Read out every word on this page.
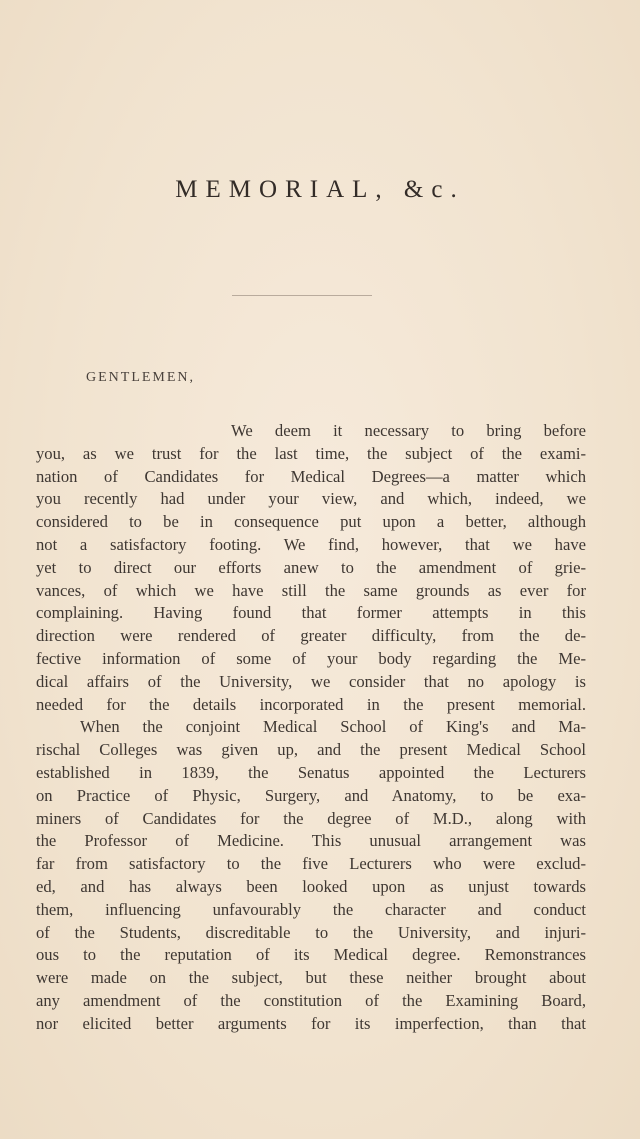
MEMORIAL, &c.
GENTLEMEN,
We deem it necessary to bring before
you, as we trust for the last time, the subject of the exami-
nation of Candidates for Medical Degrees—a matter which
you recently had under your view, and which, indeed, we
considered to be in consequence put upon a better, although
not a satisfactory footing. We find, however, that we have
yet to direct our efforts anew to the amendment of grie-
vances, of which we have still the same grounds as ever for
complaining. Having found that former attempts in this
direction were rendered of greater difficulty, from the de-
fective information of some of your body regarding the Me-
dical affairs of the University, we consider that no apology is
needed for the details incorporated in the present memorial.
When the conjoint Medical School of King's and Ma-
rischal Colleges was given up, and the present Medical School
established in 1839, the Senatus appointed the Lecturers
on Practice of Physic, Surgery, and Anatomy, to be exa-
miners of Candidates for the degree of M.D., along with
the Professor of Medicine. This unusual arrangement was
far from satisfactory to the five Lecturers who were exclud-
ed, and has always been looked upon as unjust towards
them, influencing unfavourably the character and conduct
of the Students, discreditable to the University, and injuri-
ous to the reputation of its Medical degree. Remonstrances
were made on the subject, but these neither brought about
any amendment of the constitution of the Examining Board,
nor elicited better arguments for its imperfection, than that
